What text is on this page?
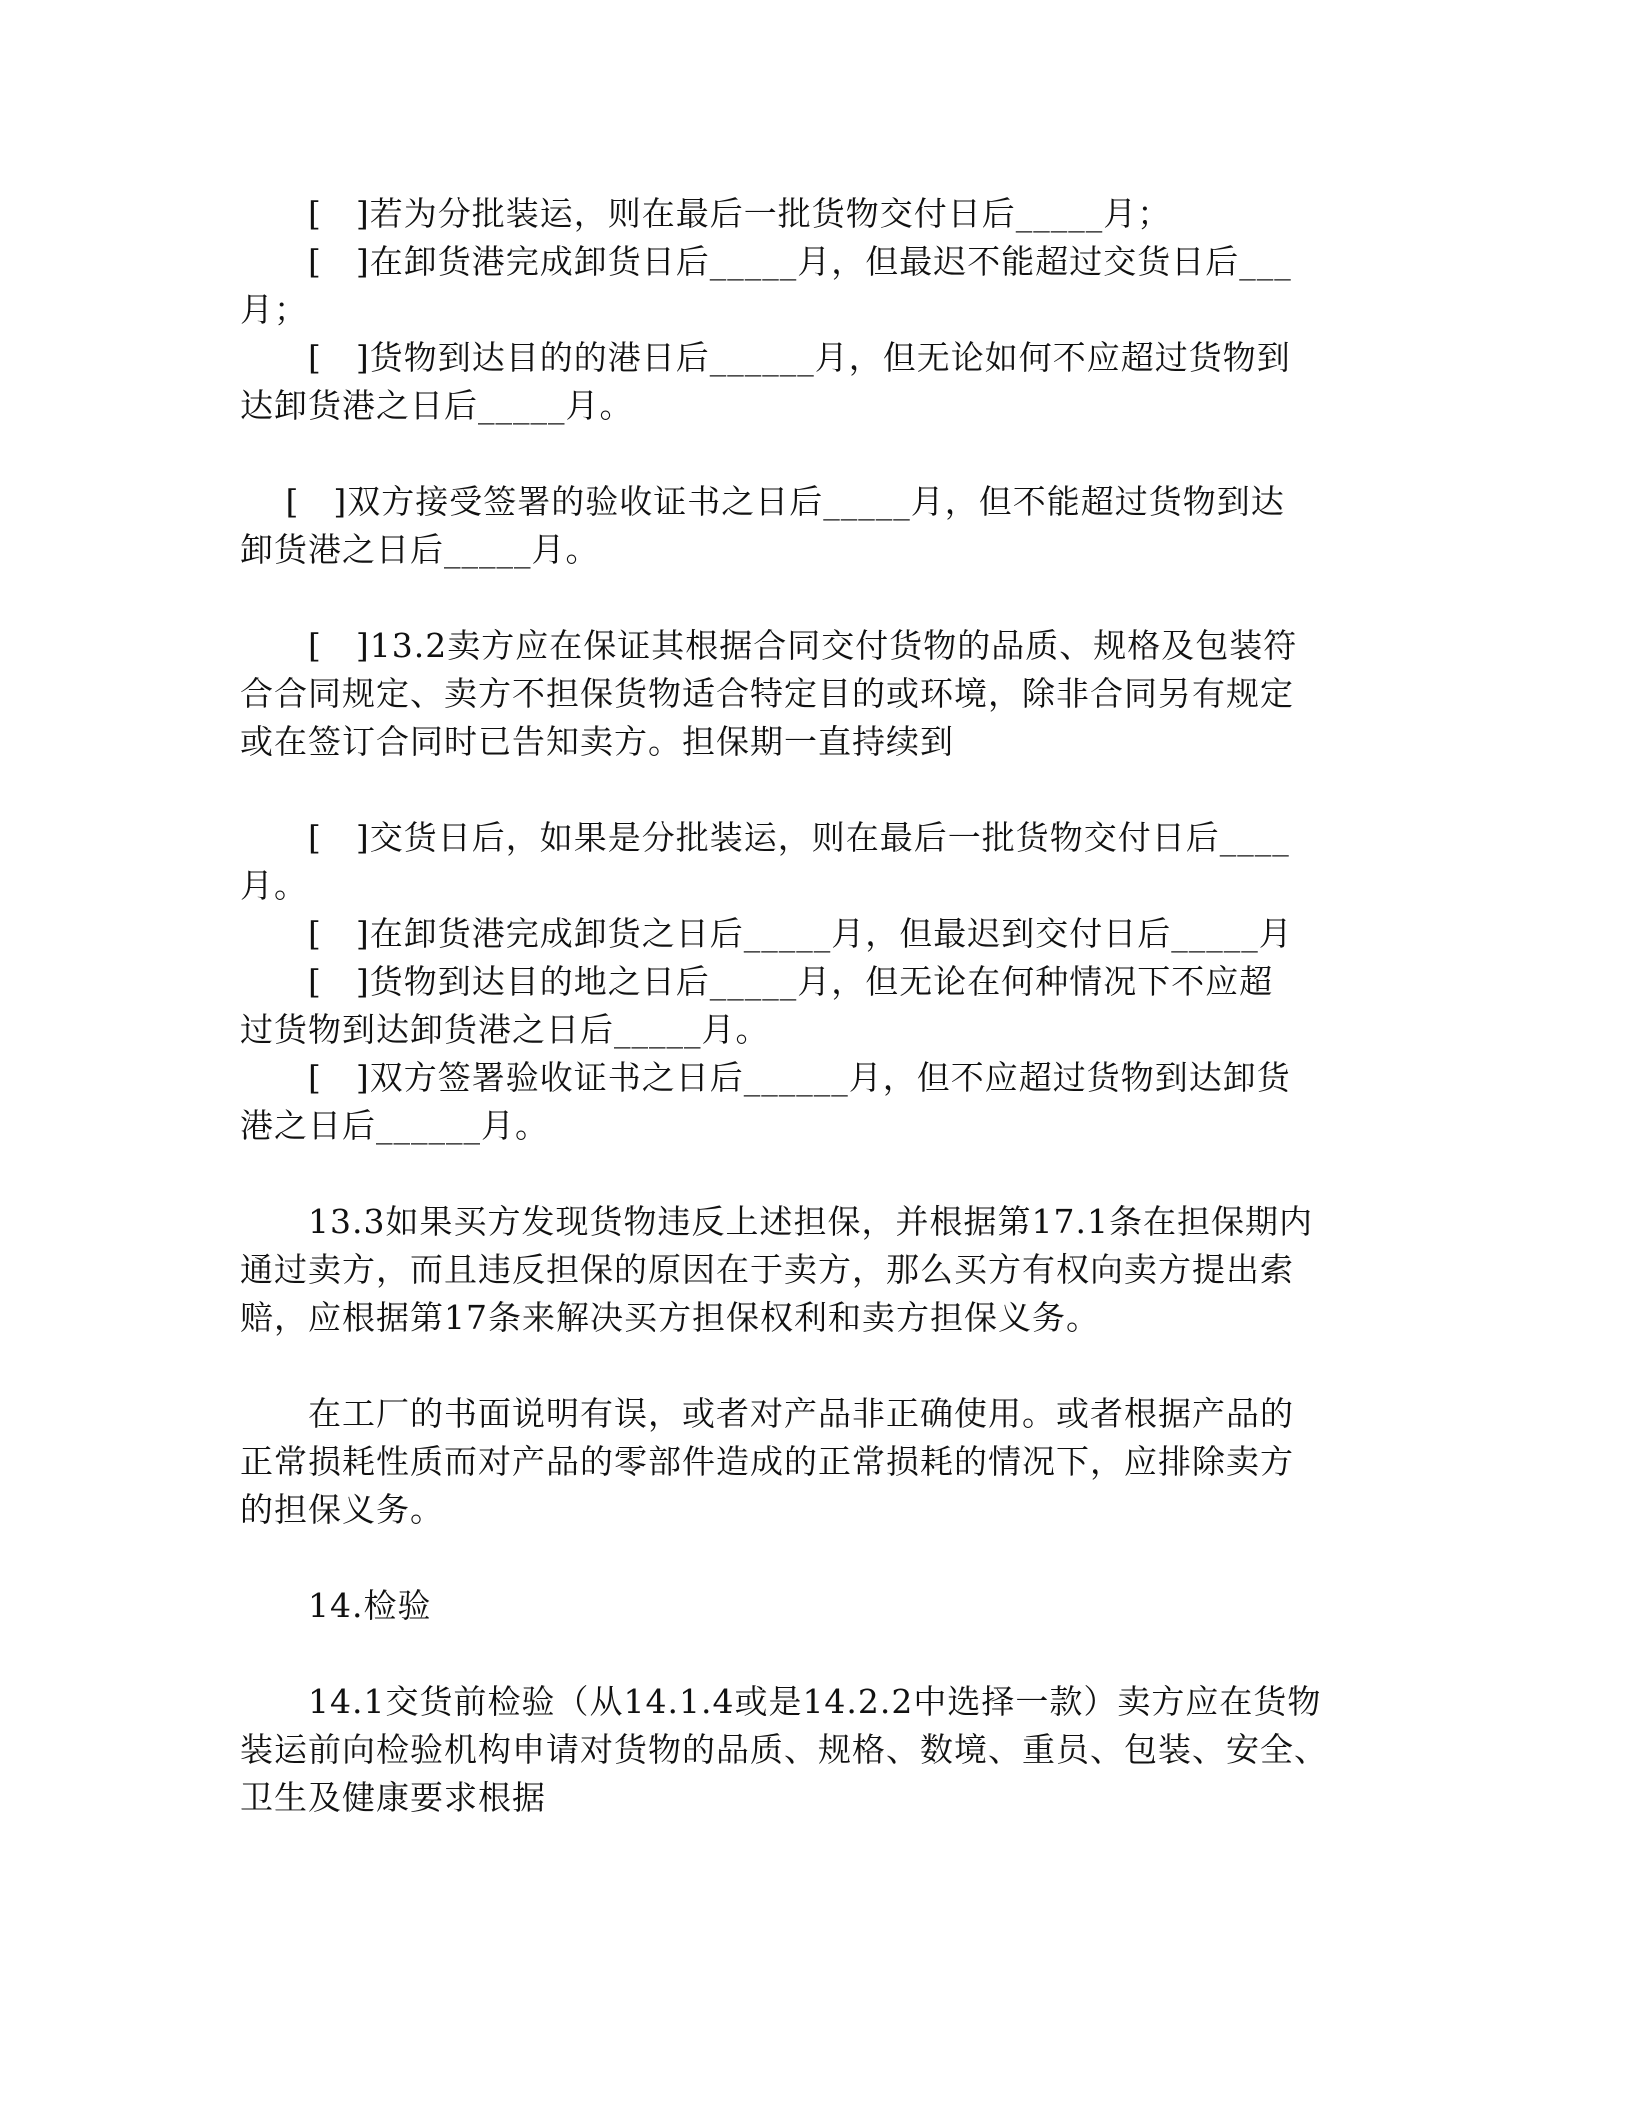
　　[　]若为分批装运，则在最后一批货物交付日后_____月；
　　[　]在卸货港完成卸货日后_____月，但最迟不能超过交货日后___
月；
　　[　]货物到达目的的港日后______月，但无论如何不应超过货物到
达卸货港之日后_____月。
　 [　]双方接受签署的验收证书之日后_____月，但不能超过货物到达
卸货港之日后_____月。
　　[　]13.2卖方应在保证其根据合同交付货物的品质、规格及包装符
合合同规定、卖方不担保货物适合特定目的或环境，除非合同另有规定
或在签订合同时已告知卖方。担保期一直持续到
　　[　]交货日后，如果是分批装运，则在最后一批货物交付日后____
月。
　　[　]在卸货港完成卸货之日后_____月，但最迟到交付日后_____月
　　[　]货物到达目的地之日后_____月，但无论在何种情况下不应超
过货物到达卸货港之日后_____月。
　　[　]双方签署验收证书之日后______月，但不应超过货物到达卸货
港之日后______月。
　　13.3如果买方发现货物违反上述担保，并根据第17.1条在担保期内
通过卖方，而且违反担保的原因在于卖方，那么买方有权向卖方提出索
赔，应根据第17条来解决买方担保权利和卖方担保义务。
　　在工厂的书面说明有误，或者对产品非正确使用。或者根据产品的
正常损耗性质而对产品的零部件造成的正常损耗的情况下，应排除卖方
的担保义务。
　　14.检验
　　14.1交货前检验（从14.1.4或是14.2.2中选择一款）卖方应在货物
装运前向检验机构申请对货物的品质、规格、数境、重员、包装、安全、
卫生及健康要求根据
